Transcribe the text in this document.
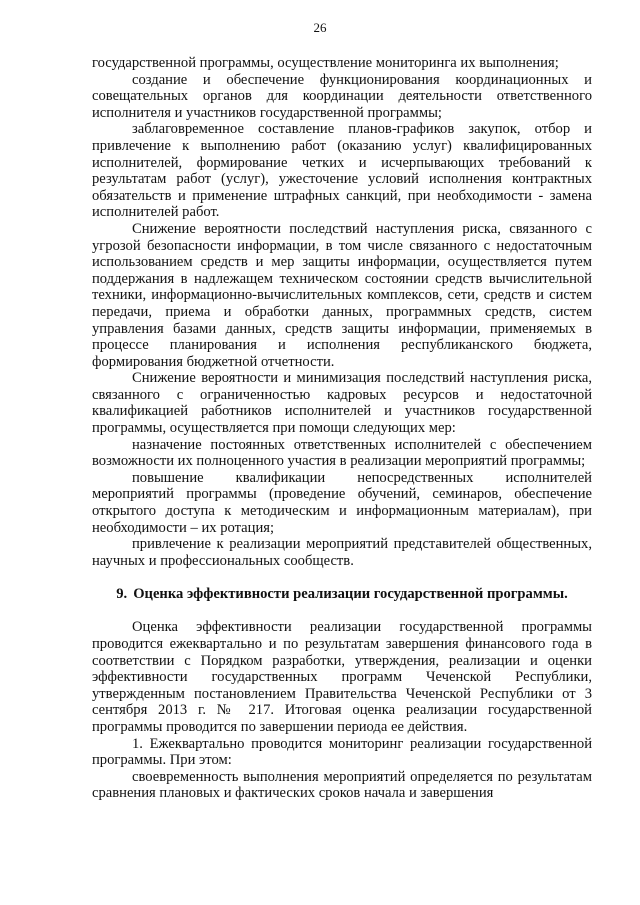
26

государственной программы, осуществление мониторинга их выполнения;

создание и обеспечение функционирования координационных и совещательных органов для координации деятельности ответственного исполнителя и участников государственной программы;

заблаговременное составление планов-графиков закупок, отбор и привлечение к выполнению работ (оказанию услуг) квалифицированных исполнителей, формирование четких и исчерпывающих требований к результатам работ (услуг), ужесточение условий исполнения контрактных обязательств и применение штрафных санкций, при необходимости - замена исполнителей работ.

Снижение вероятности последствий наступления риска, связанного с угрозой безопасности информации, в том числе связанного с недостаточным использованием средств и мер защиты информации, осуществляется путем поддержания в надлежащем техническом состоянии средств вычислительной техники, информационно-вычислительных комплексов, сети, средств и систем передачи, приема и обработки данных, программных средств, систем управления базами данных, средств защиты информации, применяемых в процессе планирования и исполнения республиканского бюджета, формирования бюджетной отчетности.

Снижение вероятности и минимизация последствий наступления риска, связанного с ограниченностью кадровых ресурсов и недостаточной квалификацией работников исполнителей и участников государственной программы, осуществляется при помощи следующих мер:

назначение постоянных ответственных исполнителей с обеспечением возможности их полноценного участия в реализации мероприятий программы;

повышение квалификации непосредственных исполнителей мероприятий программы (проведение обучений, семинаров, обеспечение открытого доступа к методическим и информационным материалам), при необходимости – их ротация;

привлечение к реализации мероприятий представителей общественных, научных и профессиональных сообществ.

9. Оценка эффективности реализации государственной программы.

Оценка эффективности реализации государственной программы проводится ежеквартально и по результатам завершения финансового года в соответствии с Порядком разработки, утверждения, реализации и оценки эффективности государственных программ Чеченской Республики, утвержденным постановлением Правительства Чеченской Республики от 3 сентября 2013 г. № 217. Итоговая оценка реализации государственной программы проводится по завершении периода ее действия.

1. Ежеквартально проводится мониторинг реализации государственной программы. При этом:

своевременность выполнения мероприятий определяется по результатам сравнения плановых и фактических сроков начала и завершения
